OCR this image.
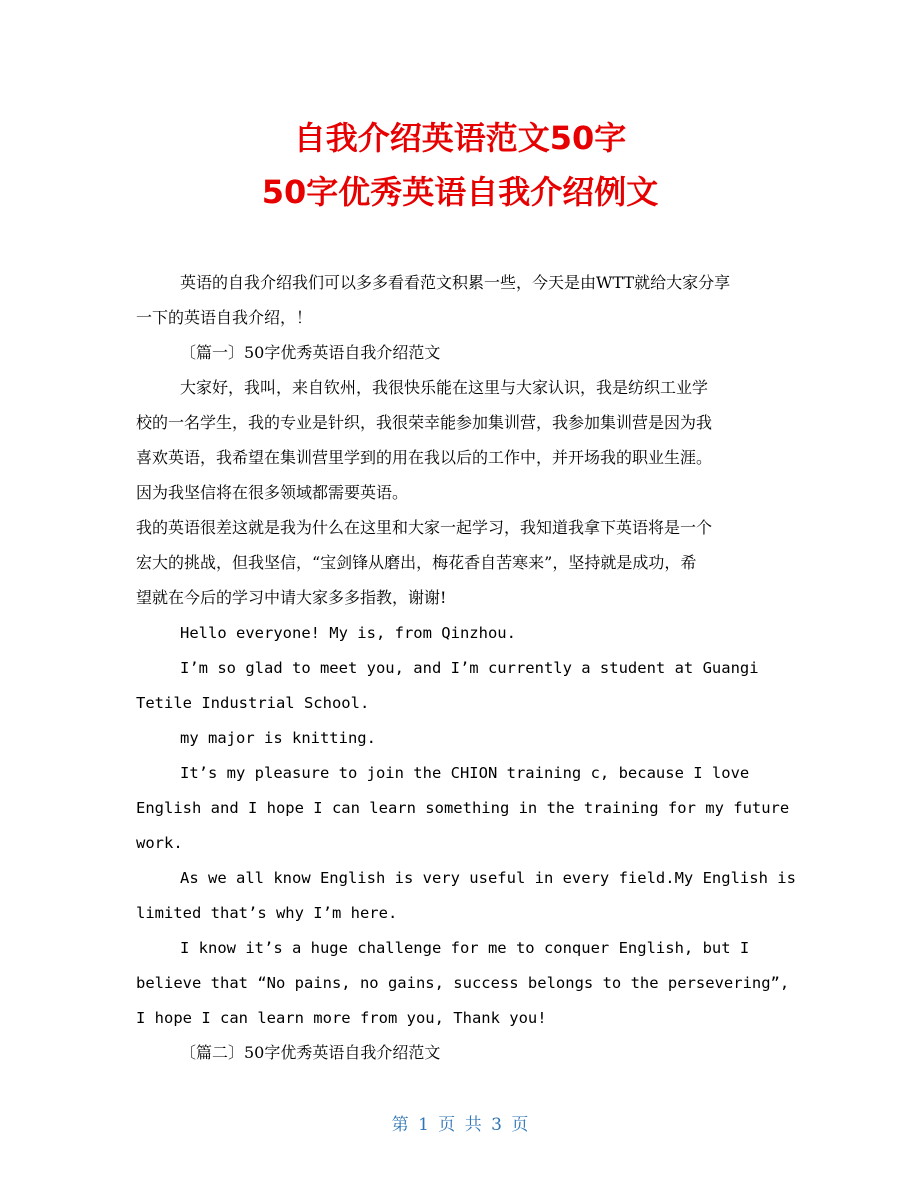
自我介绍英语范文50字
50字优秀英语自我介绍例文
英语的自我介绍我们可以多多看看范文积累一些，今天是由WTT就给大家分享
一下的英语自我介绍，！
〔篇一〕50字优秀英语自我介绍范文
大家好，我叫，来自钦州，我很快乐能在这里与大家认识，我是纺织工业学
校的一名学生，我的专业是针织，我很荣幸能参加集训营，我参加集训营是因为我
喜欢英语，我希望在集训营里学到的用在我以后的工作中，并开场我的职业生涯。
因为我坚信将在很多领域都需要英语。
我的英语很差这就是我为什么在这里和大家一起学习，我知道我拿下英语将是一个
宏大的挑战，但我坚信，“宝剑锋从磨出，梅花香自苦寒来”，坚持就是成功，希
望就在今后的学习中请大家多多指教，谢谢!
Hello everyone! My is, from Qinzhou.
I’m so glad to meet you, and I’m currently a student at Guangi
Tetile Industrial School.
my major is knitting.
It’s my pleasure to join the CHION training c, because I love
English and I hope I can learn something in the training for my future
work.
As we all know English is very useful in every field.My English is
limited that’s why I’m here.
I know it’s a huge challenge for me to conquer English, but I
believe that “No pains, no gains, success belongs to the persevering”,
I hope I can learn more from you, Thank you!
〔篇二〕50字优秀英语自我介绍范文
第 1 页 共 3 页
